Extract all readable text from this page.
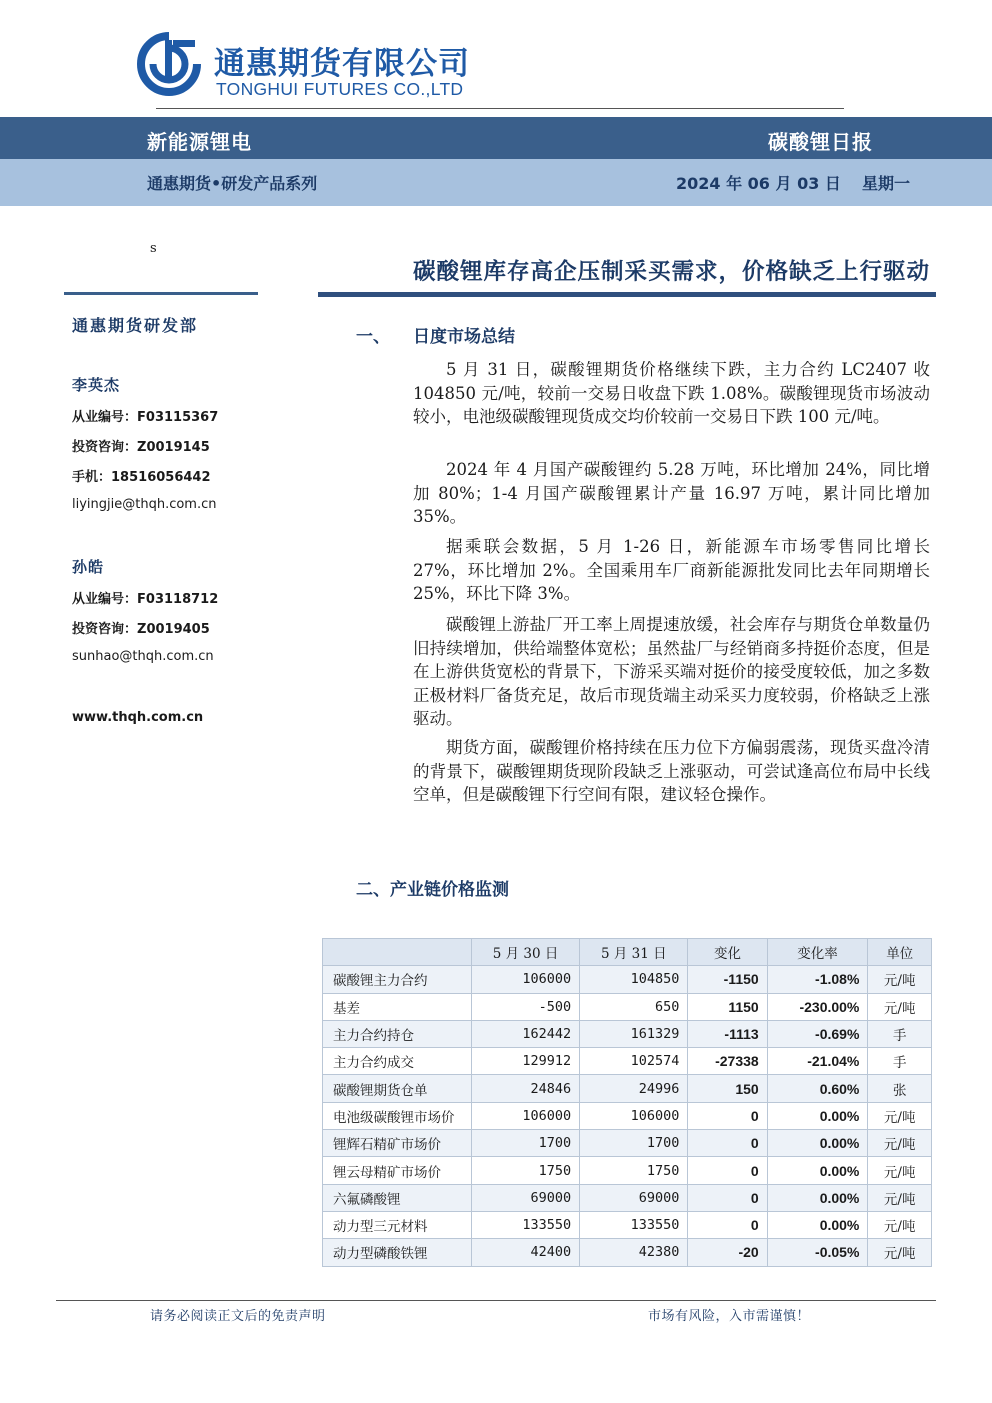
通惠期货有限公司
TONGHUI FUTURES CO.,LTD
新能源锂电	碳酸锂日报
通惠期货•研发产品系列	2024 年 06 月 03 日 星期一
s
通惠期货研发部
李英杰
从业编号：F03115367
投资咨询：Z0019145
手机：18516056442
liyingjie@thqh.com.cn
孙皓
从业编号：F03118712
投资咨询：Z0019405
sunhao@thqh.com.cn
www.thqh.com.cn
碳酸锂库存高企压制采买需求，价格缺乏上行驱动
一、 日度市场总结
5 月 31 日，碳酸锂期货价格继续下跌，主力合约 LC2407 收 104850 元/吨，较前一交易日收盘下跌 1.08%。碳酸锂现货市场波动较小，电池级碳酸锂现货成交均价较前一交易日下跌 100 元/吨。
2024 年 4 月国产碳酸锂约 5.28 万吨，环比增加 24%，同比增加 80%；1-4 月国产碳酸锂累计产量 16.97 万吨，累计同比增加 35%。
据乘联会数据，5 月 1-26 日，新能源车市场零售同比增长 27%，环比增加 2%。全国乘用车厂商新能源批发同比去年同期增长 25%，环比下降 3%。
碳酸锂上游盐厂开工率上周提速放缓，社会库存与期货仓单数量仍旧持续增加，供给端整体宽松；虽然盐厂与经销商多持挺价态度，但是在上游供货宽松的背景下，下游采买端对挺价的接受度较低，加之多数正极材料厂备货充足，故后市现货端主动采买力度较弱，价格缺乏上涨驱动。
期货方面，碳酸锂价格持续在压力位下方偏弱震荡，现货买盘冷清的背景下，碳酸锂期货现阶段缺乏上涨驱动，可尝试逢高位布局中长线空单，但是碳酸锂下行空间有限，建议轻仓操作。
二、产业链价格监测
	5 月 30 日	5 月 31 日	变化	变化率	单位
碳酸锂主力合约	106000	104850	-1150	-1.08%	元/吨
基差	-500	650	1150	-230.00%	元/吨
主力合约持仓	162442	161329	-1113	-0.69%	手
主力合约成交	129912	102574	-27338	-21.04%	手
碳酸锂期货仓单	24846	24996	150	0.60%	张
电池级碳酸锂市场价	106000	106000	0	0.00%	元/吨
锂辉石精矿市场价	1700	1700	0	0.00%	元/吨
锂云母精矿市场价	1750	1750	0	0.00%	元/吨
六氟磷酸锂	69000	69000	0	0.00%	元/吨
动力型三元材料	133550	133550	0	0.00%	元/吨
动力型磷酸铁锂	42400	42380	-20	-0.05%	元/吨
请务必阅读正文后的免责声明	市场有风险，入市需谨慎！
